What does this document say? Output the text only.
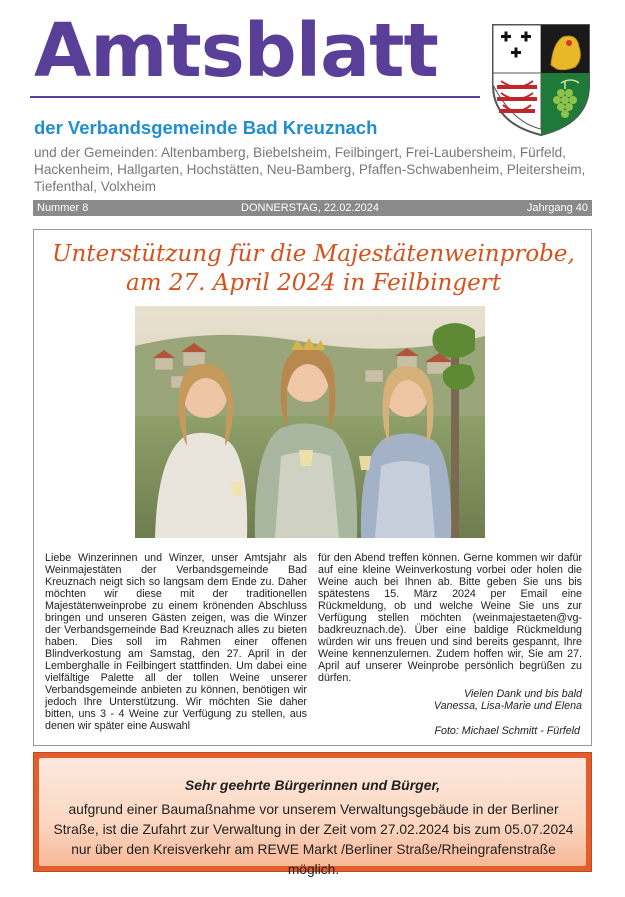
Amtsblatt
der Verbandsgemeinde Bad Kreuznach
und der Gemeinden: Altenbamberg, Biebelsheim, Feilbingert, Frei-Laubersheim, Fürfeld, Hackenheim, Hallgarten, Hochstätten, Neu-Bamberg, Pfaffen-Schwabenheim, Pleitersheim, Tiefenthal, Volxheim
Nummer 8	DONNERSTAG, 22.02.2024	Jahrgang 40
Unterstützung für die Majestätenweinprobe,
am 27. April 2024 in Feilbingert

Liebe Winzerinnen und Winzer, unser Amtsjahr als Weinmajestäten der Verbandsgemeinde Bad Kreuznach neigt sich so langsam dem Ende zu. Daher möchten wir diese mit der traditionellen Majestätenweinprobe zu einem krönenden Abschluss bringen und unseren Gästen zeigen, was die Winzer der Verbandsgemeinde Bad Kreuznach alles zu bieten haben. Dies soll im Rahmen einer offenen Blindverkostung am Samstag, den 27. April in der Lemberghalle in Feilbingert stattfinden. Um dabei eine vielfältige Palette all der tollen Weine unserer Verbandsgemeinde anbieten zu können, benötigen wir jedoch Ihre Unterstützung. Wir möchten Sie daher bitten, uns 3 - 4 Weine zur Verfügung zu stellen, aus denen wir später eine Auswahl

für den Abend treffen können. Gerne kommen wir dafür auf eine kleine Weinverkostung vorbei oder holen die Weine auch bei Ihnen ab. Bitte geben Sie uns bis spätestens 15. März 2024 per Email eine Rückmeldung, ob und welche Weine Sie uns zur Verfügung stellen möchten (weinmajestaeten@vg-badkreuznach.de). Über eine baldige Rückmeldung würden wir uns freuen und sind bereits gespannt, Ihre Weine kennenzulernen. Zudem hoffen wir, Sie am 27. April auf unserer Weinprobe persönlich begrüßen zu dürfen.

Vielen Dank und bis bald
Vanessa, Lisa-Marie und Elena
Foto: Michael Schmitt - Fürfeld
Sehr geehrte Bürgerinnen und Bürger,
aufgrund einer Baumaßnahme vor unserem Verwaltungsgebäude in der Berliner Straße, ist die Zufahrt zur Verwaltung in der Zeit vom 27.02.2024 bis zum 05.07.2024 nur über den Kreisverkehr am REWE Markt /Berliner Straße/Rheingrafenstraße möglich.
